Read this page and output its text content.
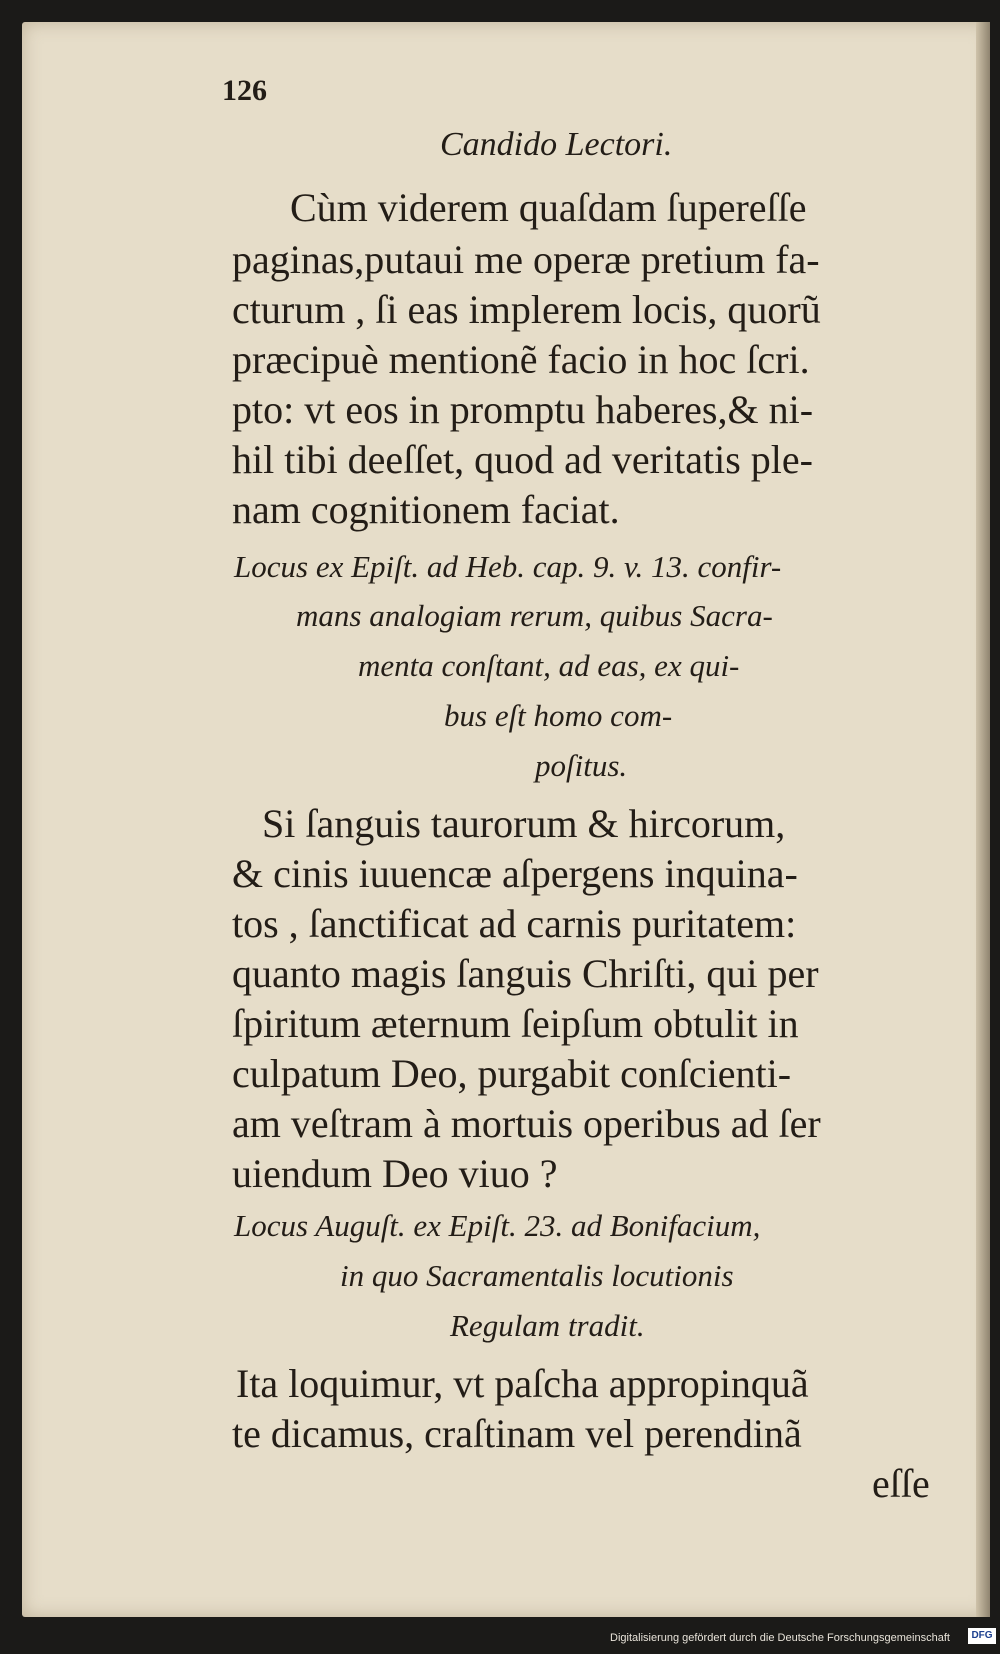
126
Candido Lectori.
Cùm viderem quaſdam ſupereſſe
paginas,putaui me operæ pretium fa-
cturum , ſi eas implerem locis, quorũ
præcipuè mentionẽ facio in hoc ſcri.
pto: vt eos in promptu haberes,& ni-
hil tibi deeſſet, quod ad veritatis ple-
nam cognitionem faciat.
Locus ex Epiſt. ad Heb. cap. 9. v. 13. confir-
mans analogiam rerum, quibus Sacra-
menta conſtant, ad eas, ex qui-
bus eſt homo com-
poſitus.
Si ſanguis taurorum & hircorum,
& cinis iuuencæ aſpergens inquina-
tos , ſanctificat ad carnis puritatem:
quanto magis ſanguis Chriſti, qui per
ſpiritum æternum ſeipſum obtulit in
culpatum Deo, purgabit conſcienti-
am veſtram à mortuis operibus ad ſer
uiendum Deo viuo ?
Locus Auguſt. ex Epiſt. 23. ad Bonifacium,
in quo Sacramentalis locutionis
Regulam tradit.
Ita loquimur, vt paſcha appropinquã
te dicamus, craſtinam vel perendinã
eſſe
Digitalisierung gefördert durch die Deutsche Forschungsgemeinschaft	DFG
